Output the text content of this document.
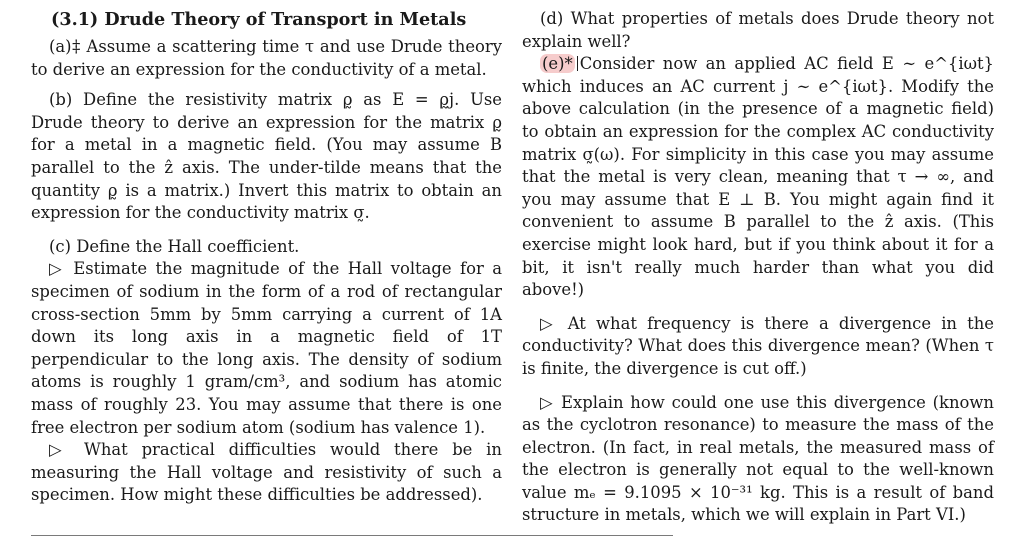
(3.1) Drude Theory of Transport in Metals

(a)‡ Assume a scattering time τ and use Drude theory to derive an expression for the conductivity of a metal.

(b) Define the resistivity matrix ρ̰ as E = ρ̰j. Use Drude theory to derive an expression for the matrix ρ̰ for a metal in a magnetic field. (You may assume B parallel to the ẑ axis. The under-tilde means that the quantity ρ̰ is a matrix.) Invert this matrix to obtain an expression for the conductivity matrix σ̰.

(c) Define the Hall coefficient.

▷ Estimate the magnitude of the Hall voltage for a specimen of sodium in the form of a rod of rectangular cross-section 5mm by 5mm carrying a current of 1A down its long axis in a magnetic field of 1T perpendicular to the long axis. The density of sodium atoms is roughly 1 gram/cm³, and sodium has atomic mass of roughly 23. You may assume that there is one free electron per sodium atom (sodium has valence 1).

▷ What practical difficulties would there be in measuring the Hall voltage and resistivity of such a specimen. How might these difficulties be addressed).

(d) What properties of metals does Drude theory not explain well?

(e)* Consider now an applied AC field E ∼ e^{iωt} which induces an AC current j ∼ e^{iωt}. Modify the above calculation (in the presence of a magnetic field) to obtain an expression for the complex AC conductivity matrix σ̰(ω). For simplicity in this case you may assume that the metal is very clean, meaning that τ → ∞, and you may assume that E ⊥ B. You might again find it convenient to assume B parallel to the ẑ axis. (This exercise might look hard, but if you think about it for a bit, it isn't really much harder than what you did above!)

▷ At what frequency is there a divergence in the conductivity? What does this divergence mean? (When τ is finite, the divergence is cut off.)

▷ Explain how could one use this divergence (known as the cyclotron resonance) to measure the mass of the electron. (In fact, in real metals, the measured mass of the electron is generally not equal to the well-known value mₑ = 9.1095 × 10⁻³¹ kg. This is a result of band structure in metals, which we will explain in Part VI.)
